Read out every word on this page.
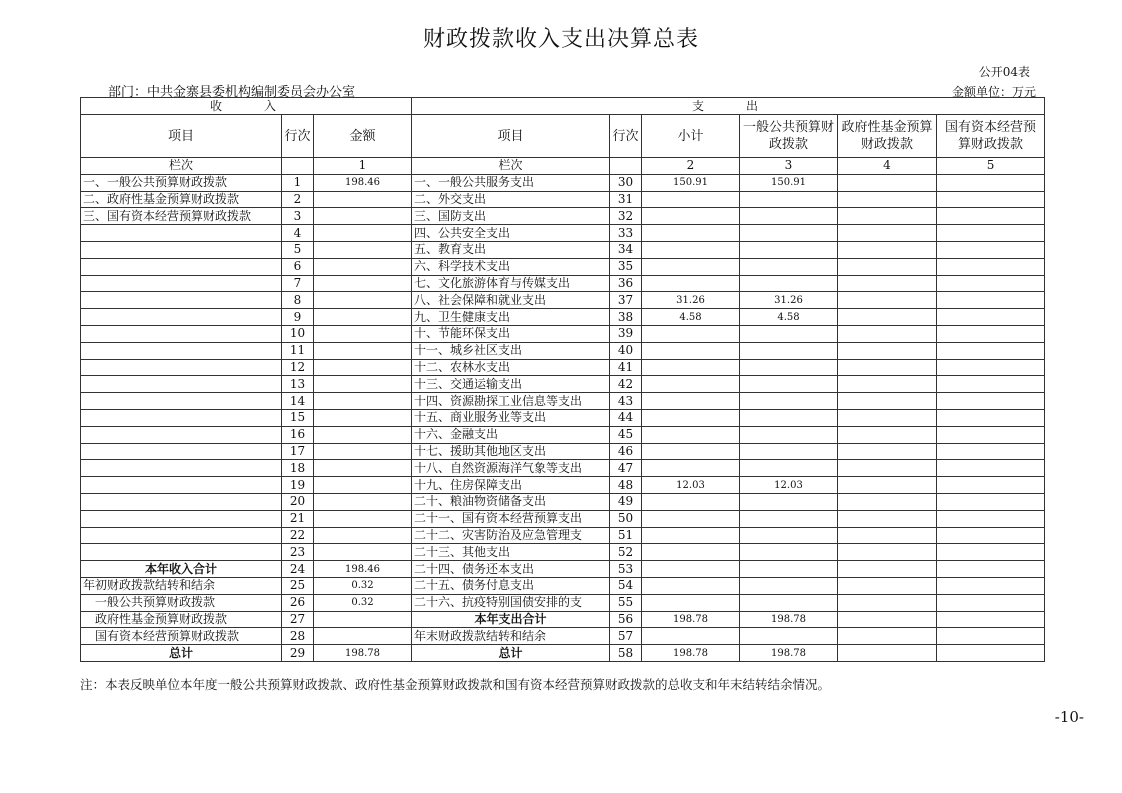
财政拨款收入支出决算总表
公开04表
部门：中共金寨县委机构编制委员会办公室	金额单位：万元
收　　入			支　　出					
项目	行次	金额	项目	行次	小计	一般公共预算财政拨款	政府性基金预算财政拨款	国有资本经营预算财政拨款
栏次		1	栏次		2	3	4	5
一、一般公共预算财政拨款	1	198.46	一、一般公共服务支出	30	150.91	150.91		
二、政府性基金预算财政拨款	2		二、外交支出	31				
三、国有资本经营预算财政拨款	3		三、国防支出	32				
	4		四、公共安全支出	33				
	5		五、教育支出	34				
	6		六、科学技术支出	35				
	7		七、文化旅游体育与传媒支出	36				
	8		八、社会保障和就业支出	37	31.26	31.26		
	9		九、卫生健康支出	38	4.58	4.58		
	10		十、节能环保支出	39				
	11		十一、城乡社区支出	40				
	12		十二、农林水支出	41				
	13		十三、交通运输支出	42				
	14		十四、资源勘探工业信息等支出	43				
	15		十五、商业服务业等支出	44				
	16		十六、金融支出	45				
	17		十七、援助其他地区支出	46				
	18		十八、自然资源海洋气象等支出	47				
	19		十九、住房保障支出	48	12.03	12.03		
	20		二十、粮油物资储备支出	49				
	21		二十一、国有资本经营预算支出	50				
	22		二十二、灾害防治及应急管理支	51				
	23		二十三、其他支出	52				
本年收入合计	24	198.46	二十四、债务还本支出	53				
年初财政拨款结转和结余	25	0.32	二十五、债务付息支出	54				
一般公共预算财政拨款	26	0.32	二十六、抗疫特别国债安排的支	55				
政府性基金预算财政拨款	27		本年支出合计	56	198.78	198.78		
国有资本经营预算财政拨款	28		年末财政拨款结转和结余	57				
总计	29	198.78	总计	58	198.78	198.78		
注：本表反映单位本年度一般公共预算财政拨款、政府性基金预算财政拨款和国有资本经营预算财政拨款的总收支和年末结转结余情况。
-10-
